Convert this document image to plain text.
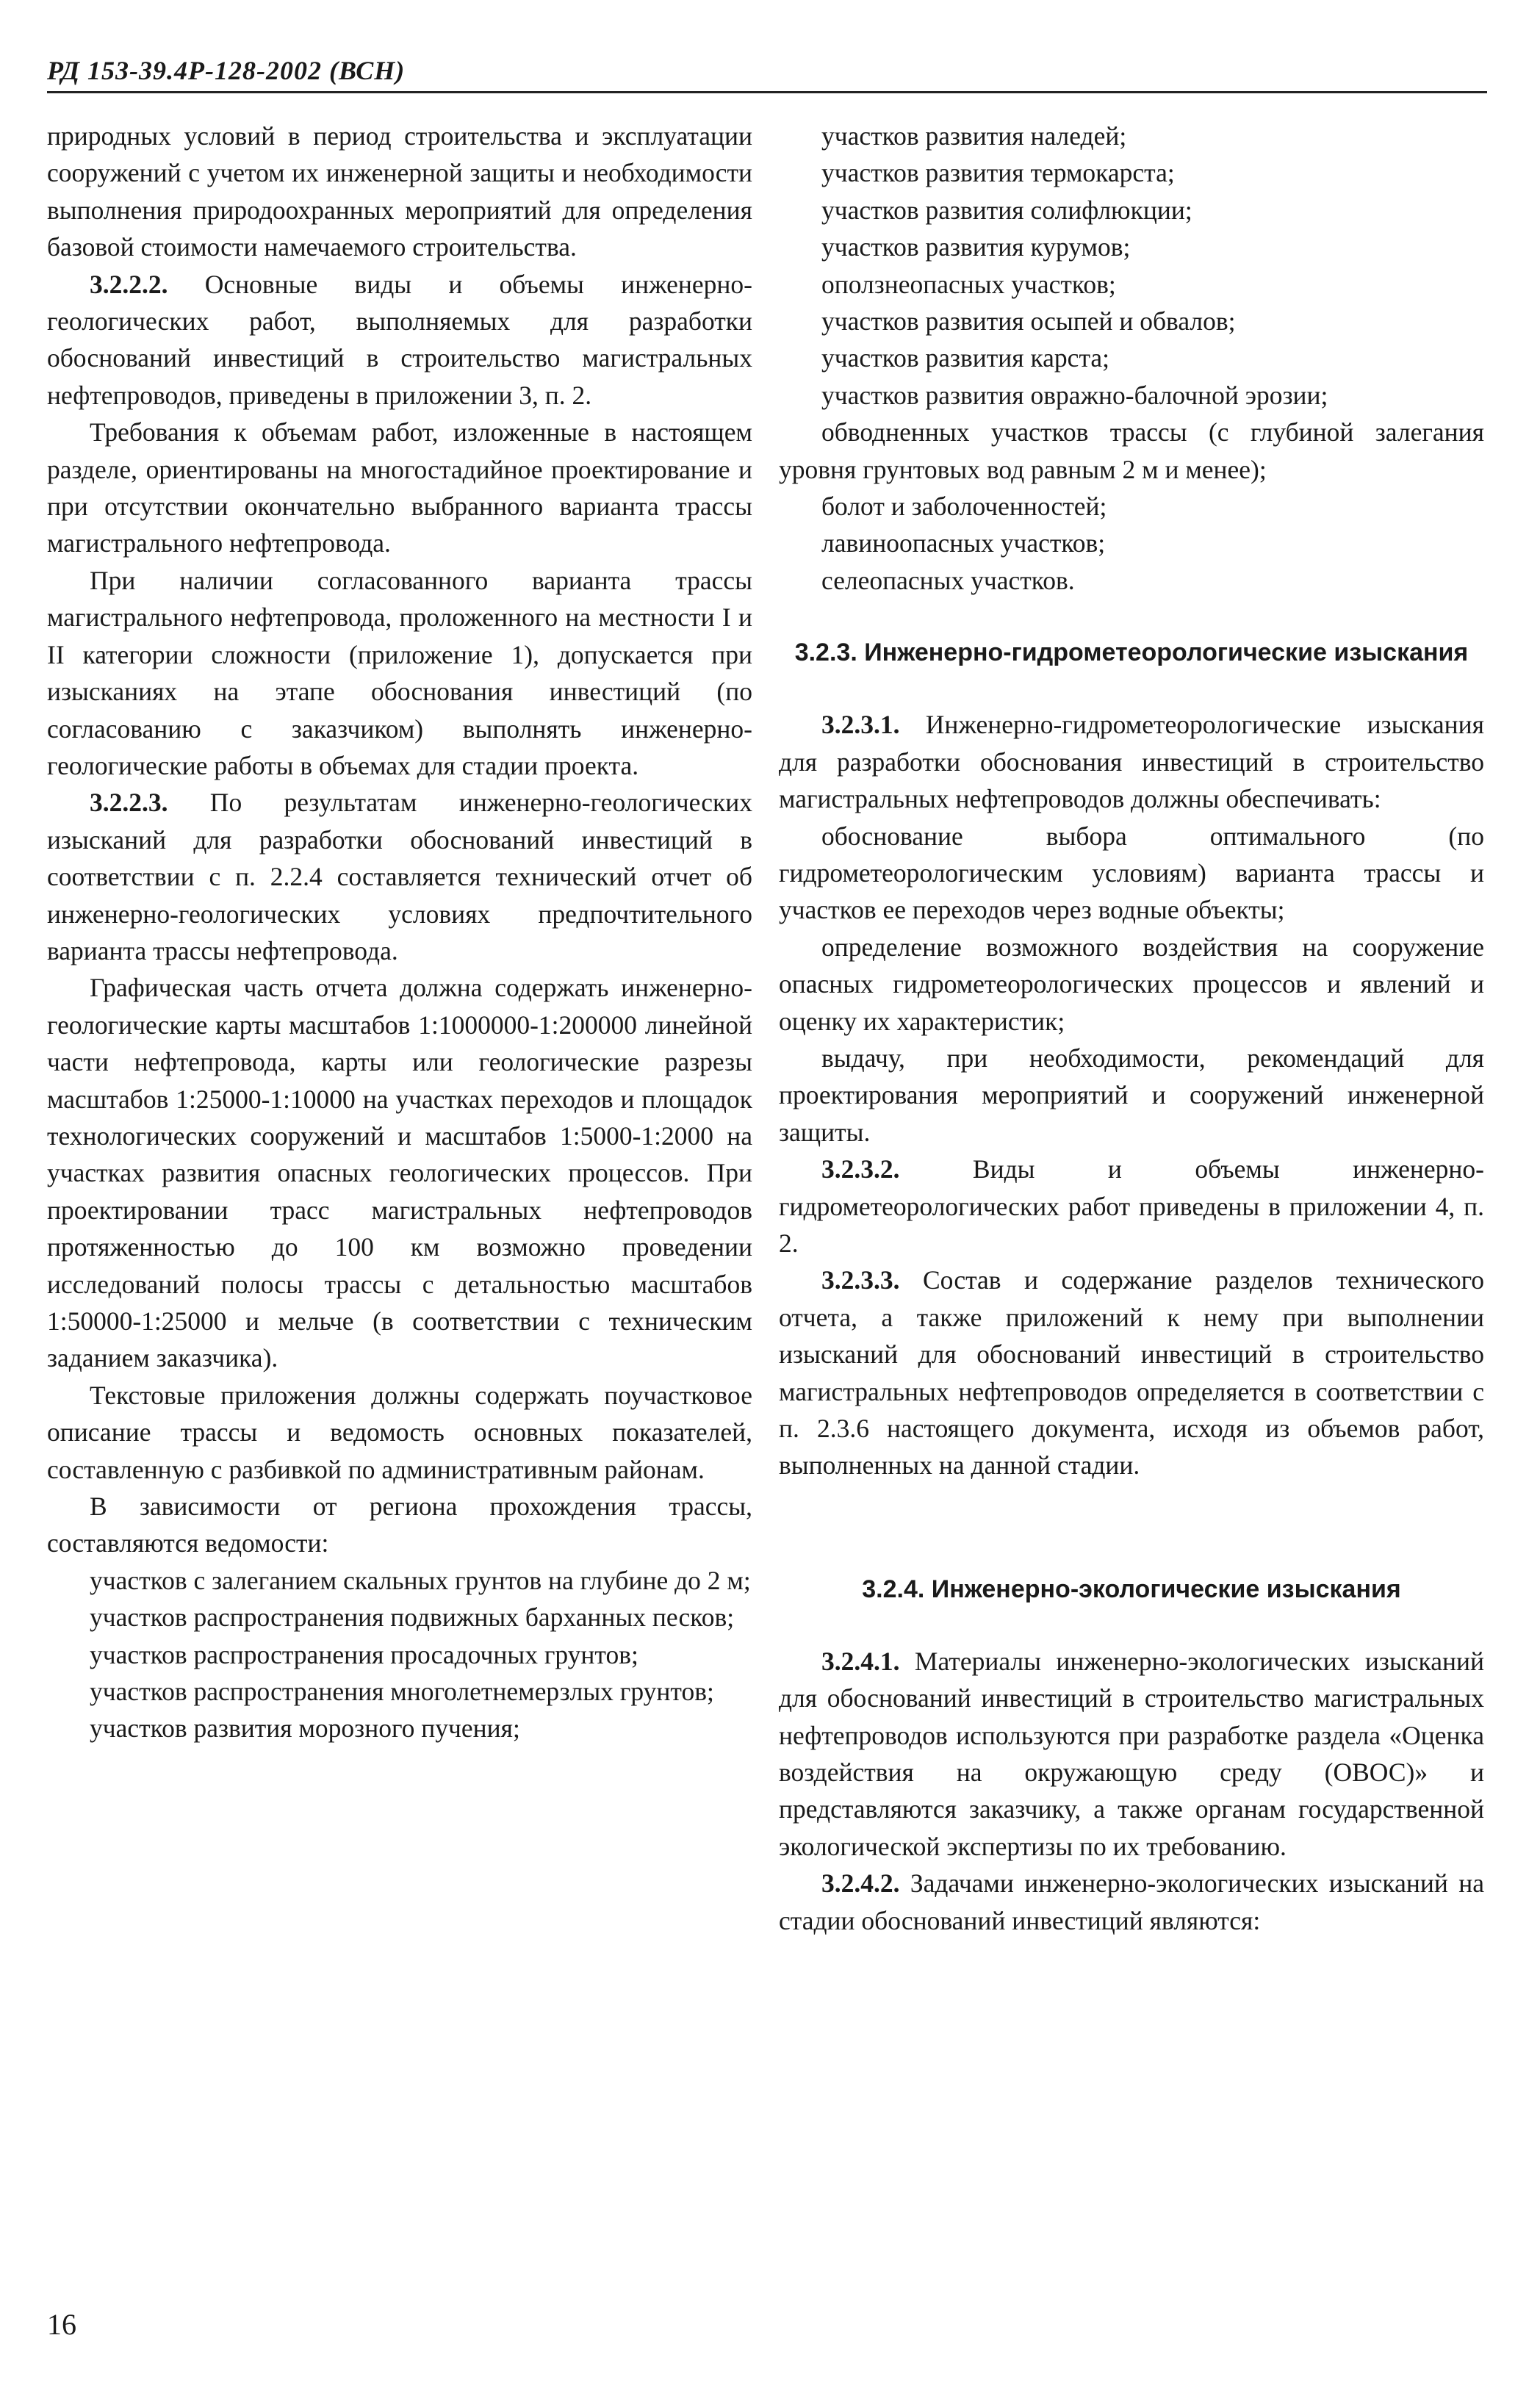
РД 153-39.4Р-128-2002 (ВСН)

природных условий в период строительства и эксплуатации сооружений с учетом их инженерной защиты и необходимости выполнения природоохранных мероприятий для определения базовой стоимости намечаемого строительства.

3.2.2.2. Основные виды и объемы инженерно-геологических работ, выполняемых для разработки обоснований инвестиций в строительство магистральных нефтепроводов, приведены в приложении 3, п. 2.

Требования к объемам работ, изложенные в настоящем разделе, ориентированы на многостадийное проектирование и при отсутствии окончательно выбранного варианта трассы магистрального нефтепровода.

При наличии согласованного варианта трассы магистрального нефтепровода, проложенного на местности I и II категории сложности (приложение 1), допускается при изысканиях на этапе обоснования инвестиций (по согласованию с заказчиком) выполнять инженерно-геологические работы в объемах для стадии проекта.

3.2.2.3. По результатам инженерно-геологических изысканий для разработки обоснований инвестиций в соответствии с п. 2.2.4 составляется технический отчет об инженерно-геологических условиях предпочтительного варианта трассы нефтепровода.

Графическая часть отчета должна содержать инженерно-геологические карты масштабов 1:1000000-1:200000 линейной части нефтепровода, карты или геологические разрезы масштабов 1:25000-1:10000 на участках переходов и площадок технологических сооружений и масштабов 1:5000-1:2000 на участках развития опасных геологических процессов. При проектировании трасс магистральных нефтепроводов протяженностью до 100 км возможно проведении исследований полосы трассы с детальностью масштабов 1:50000-1:25000 и мельче (в соответствии с техническим заданием заказчика).

Текстовые приложения должны содержать поучастковое описание трассы и ведомость основных показателей, составленную с разбивкой по административным районам.

В зависимости от региона прохождения трассы, составляются ведомости:

участков с залеганием скальных грунтов на глубине до 2 м;

участков распространения подвижных барханных песков;

участков распространения просадочных грунтов;

участков распространения многолетнемерзлых грунтов;

участков развития морозного пучения;

участков развития наледей;

участков развития термокарста;

участков развития солифлюкции;

участков развития курумов;

оползнеопасных участков;

участков развития осыпей и обвалов;

участков развития карста;

участков развития овражно-балочной эрозии;

обводненных участков трассы (с глубиной залегания уровня грунтовых вод равным 2 м и менее);

болот и заболоченностей;

лавиноопасных участков;

селеопасных участков.

3.2.3. Инженерно-гидрометеорологические изыскания

3.2.3.1. Инженерно-гидрометеорологические изыскания для разработки обоснования инвестиций в строительство магистральных нефтепроводов должны обеспечивать:

обоснование выбора оптимального (по гидрометеорологическим условиям) варианта трассы и участков ее переходов через водные объекты;

определение возможного воздействия на сооружение опасных гидрометеорологических процессов и явлений и оценку их характеристик;

выдачу, при необходимости, рекомендаций для проектирования мероприятий и сооружений инженерной защиты.

3.2.3.2. Виды и объемы инженерно-гидрометеорологических работ приведены в приложении 4, п. 2.

3.2.3.3. Состав и содержание разделов технического отчета, а также приложений к нему при выполнении изысканий для обоснований инвестиций в строительство магистральных нефтепроводов определяется в соответствии с п. 2.3.6 настоящего документа, исходя из объемов работ, выполненных на данной стадии.

3.2.4. Инженерно-экологические изыскания

3.2.4.1. Материалы инженерно-экологических изысканий для обоснований инвестиций в строительство магистральных нефтепроводов используются при разработке раздела «Оценка воздействия на окружающую среду (ОВОС)» и представляются заказчику, а также органам государственной экологической экспертизы по их требованию.

3.2.4.2. Задачами инженерно-экологических изысканий на стадии обоснований инвестиций являются:

16
